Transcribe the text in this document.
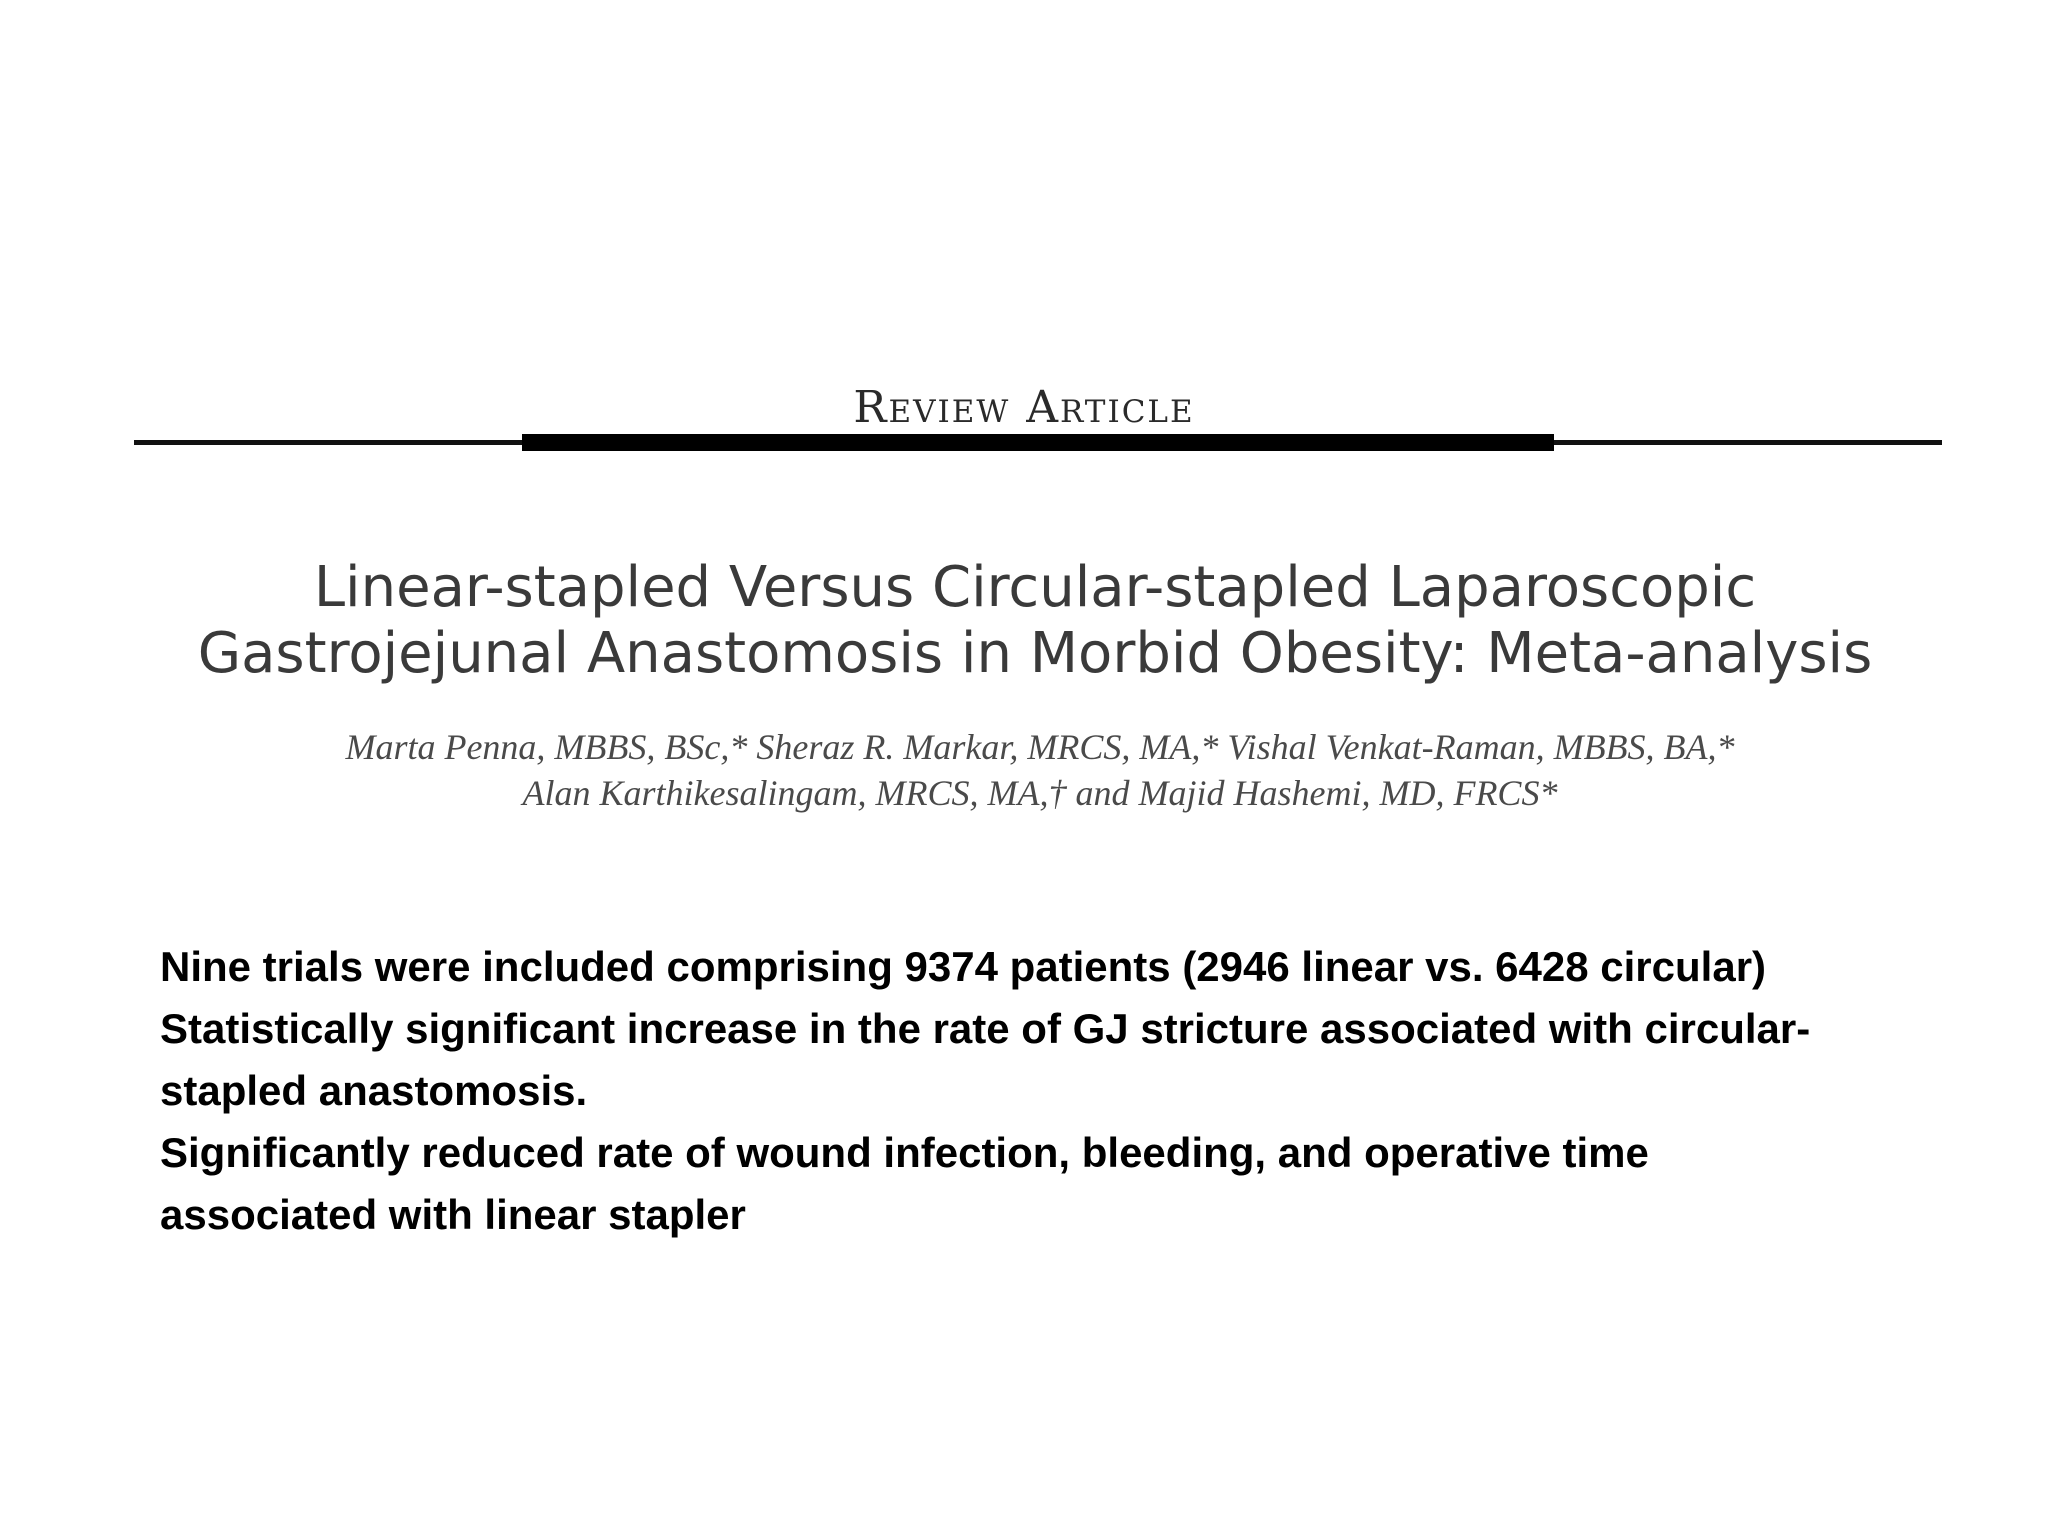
Review Article
Linear-stapled Versus Circular-stapled Laparoscopic
Gastrojejunal Anastomosis in Morbid Obesity: Meta-analysis
Marta Penna, MBBS, BSc,* Sheraz R. Markar, MRCS, MA,* Vishal Venkat-Raman, MBBS, BA,*
Alan Karthikesalingam, MRCS, MA,† and Majid Hashemi, MD, FRCS*
Nine trials were included comprising 9374 patients (2946 linear vs. 6428 circular)
Statistically significant increase in the rate of GJ stricture associated with circular-
stapled anastomosis.
Significantly reduced rate of wound infection, bleeding, and operative time
associated with linear stapler
